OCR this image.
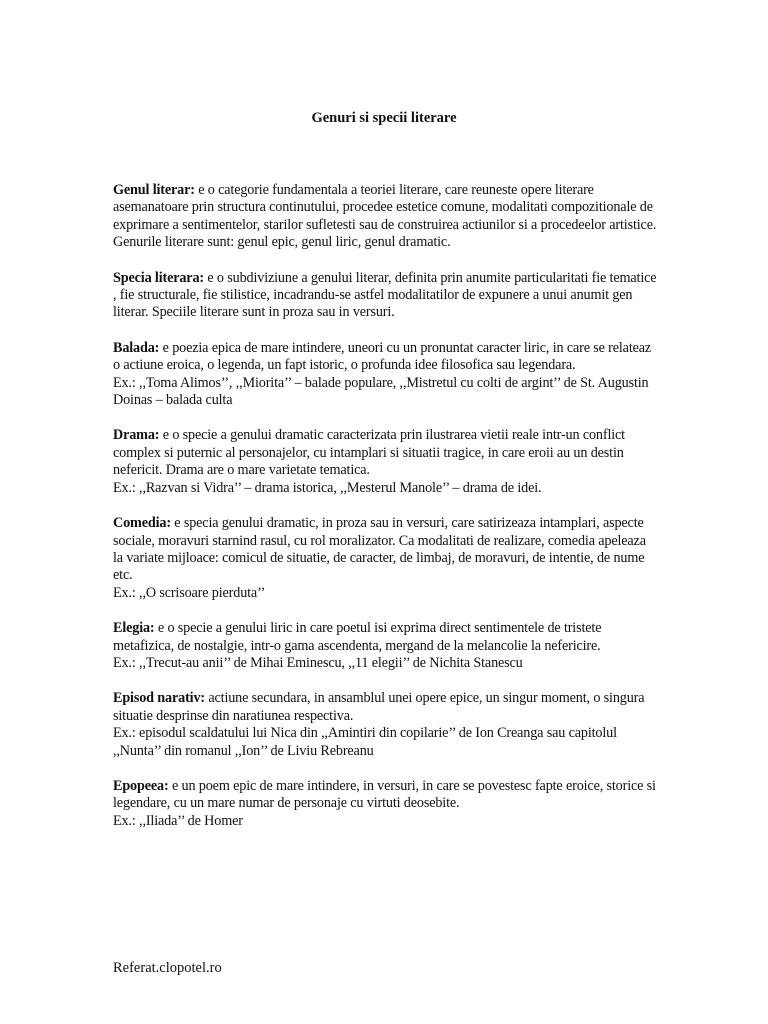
Genuri si specii literare

Genul literar: e o categorie fundamentala a teoriei literare, care reuneste opere literare asemanatoare prin structura continutului, procedee estetice comune, modalitati compozitionale de exprimare a sentimentelor, starilor sufletesti sau de construirea actiunilor si a procedeelor artistice. Genurile literare sunt: genul epic, genul liric, genul dramatic.

Specia literara: e o subdiviziune a genului literar, definita prin anumite particularitati fie tematice , fie structurale, fie stilistice, incadrandu-se astfel modalitatilor de expunere a unui anumit gen literar. Speciile literare sunt in proza sau in versuri.

Balada: e poezia epica de mare intindere, uneori cu un pronuntat caracter liric, in care se relateaz o actiune eroica, o legenda, un fapt istoric, o profunda idee filosofica sau legendara.
Ex.: ,,Toma Alimos’’, ,,Miorita’’ – balade populare, ,,Mistretul cu colti de argint’’ de St. Augustin Doinas – balada culta

Drama: e o specie a genului dramatic caracterizata prin ilustrarea vietii reale intr-un conflict complex si puternic al personajelor, cu intamplari si situatii tragice, in care eroii au un destin nefericit. Drama are o mare varietate tematica.
Ex.: ,,Razvan si Vidra’’ – drama istorica, ,,Mesterul Manole’’ – drama de idei.

Comedia: e specia genului dramatic, in proza sau in versuri, care satirizeaza intamplari, aspecte sociale, moravuri starnind rasul, cu rol moralizator. Ca modalitati de realizare, comedia apeleaza la variate mijloace: comicul de situatie, de caracter, de limbaj, de moravuri, de intentie, de nume etc.
Ex.: ,,O scrisoare pierduta’’

Elegia: e o specie a genului liric in care poetul isi exprima direct sentimentele de tristete metafizica, de nostalgie, intr-o gama ascendenta, mergand de la melancolie la nefericire.
Ex.: ,,Trecut-au anii’’ de Mihai Eminescu, ,,11 elegii’’ de Nichita Stanescu

Episod narativ: actiune secundara, in ansamblul unei opere epice, un singur moment, o singura situatie desprinse din naratiunea respectiva.
Ex.: episodul scaldatului lui Nica din ,,Amintiri din copilarie’’ de Ion Creanga sau capitolul ,,Nunta’’ din romanul ,,Ion’’ de Liviu Rebreanu

Epopeea: e un poem epic de mare intindere, in versuri, in care se povestesc fapte eroice, storice si legendare, cu un mare numar de personaje cu virtuti deosebite.
Ex.: ,,Iliada’’ de Homer

Referat.clopotel.ro
